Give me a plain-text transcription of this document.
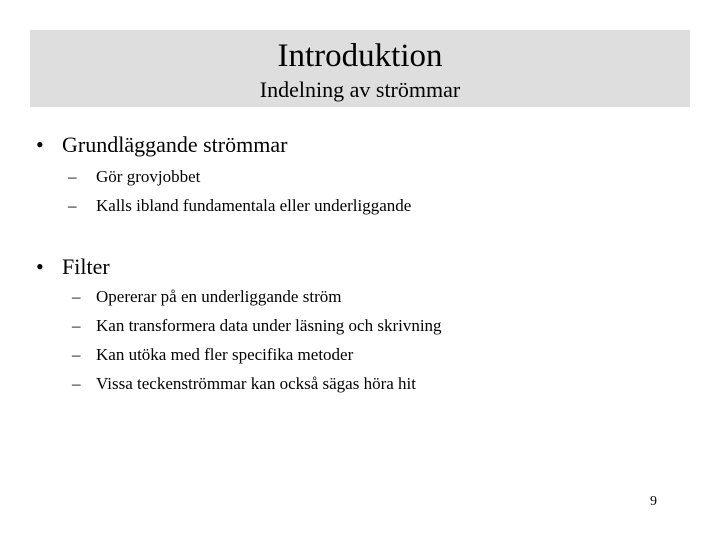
Introduktion
Indelning av strömmar
• Grundläggande strömmar
– Gör grovjobbet
– Kalls ibland fundamentala eller underliggande
• Filter
– Opererar på en underliggande ström
– Kan transformera data under läsning och skrivning
– Kan utöka med fler specifika metoder
– Vissa teckenströmmar kan också sägas höra hit
9
